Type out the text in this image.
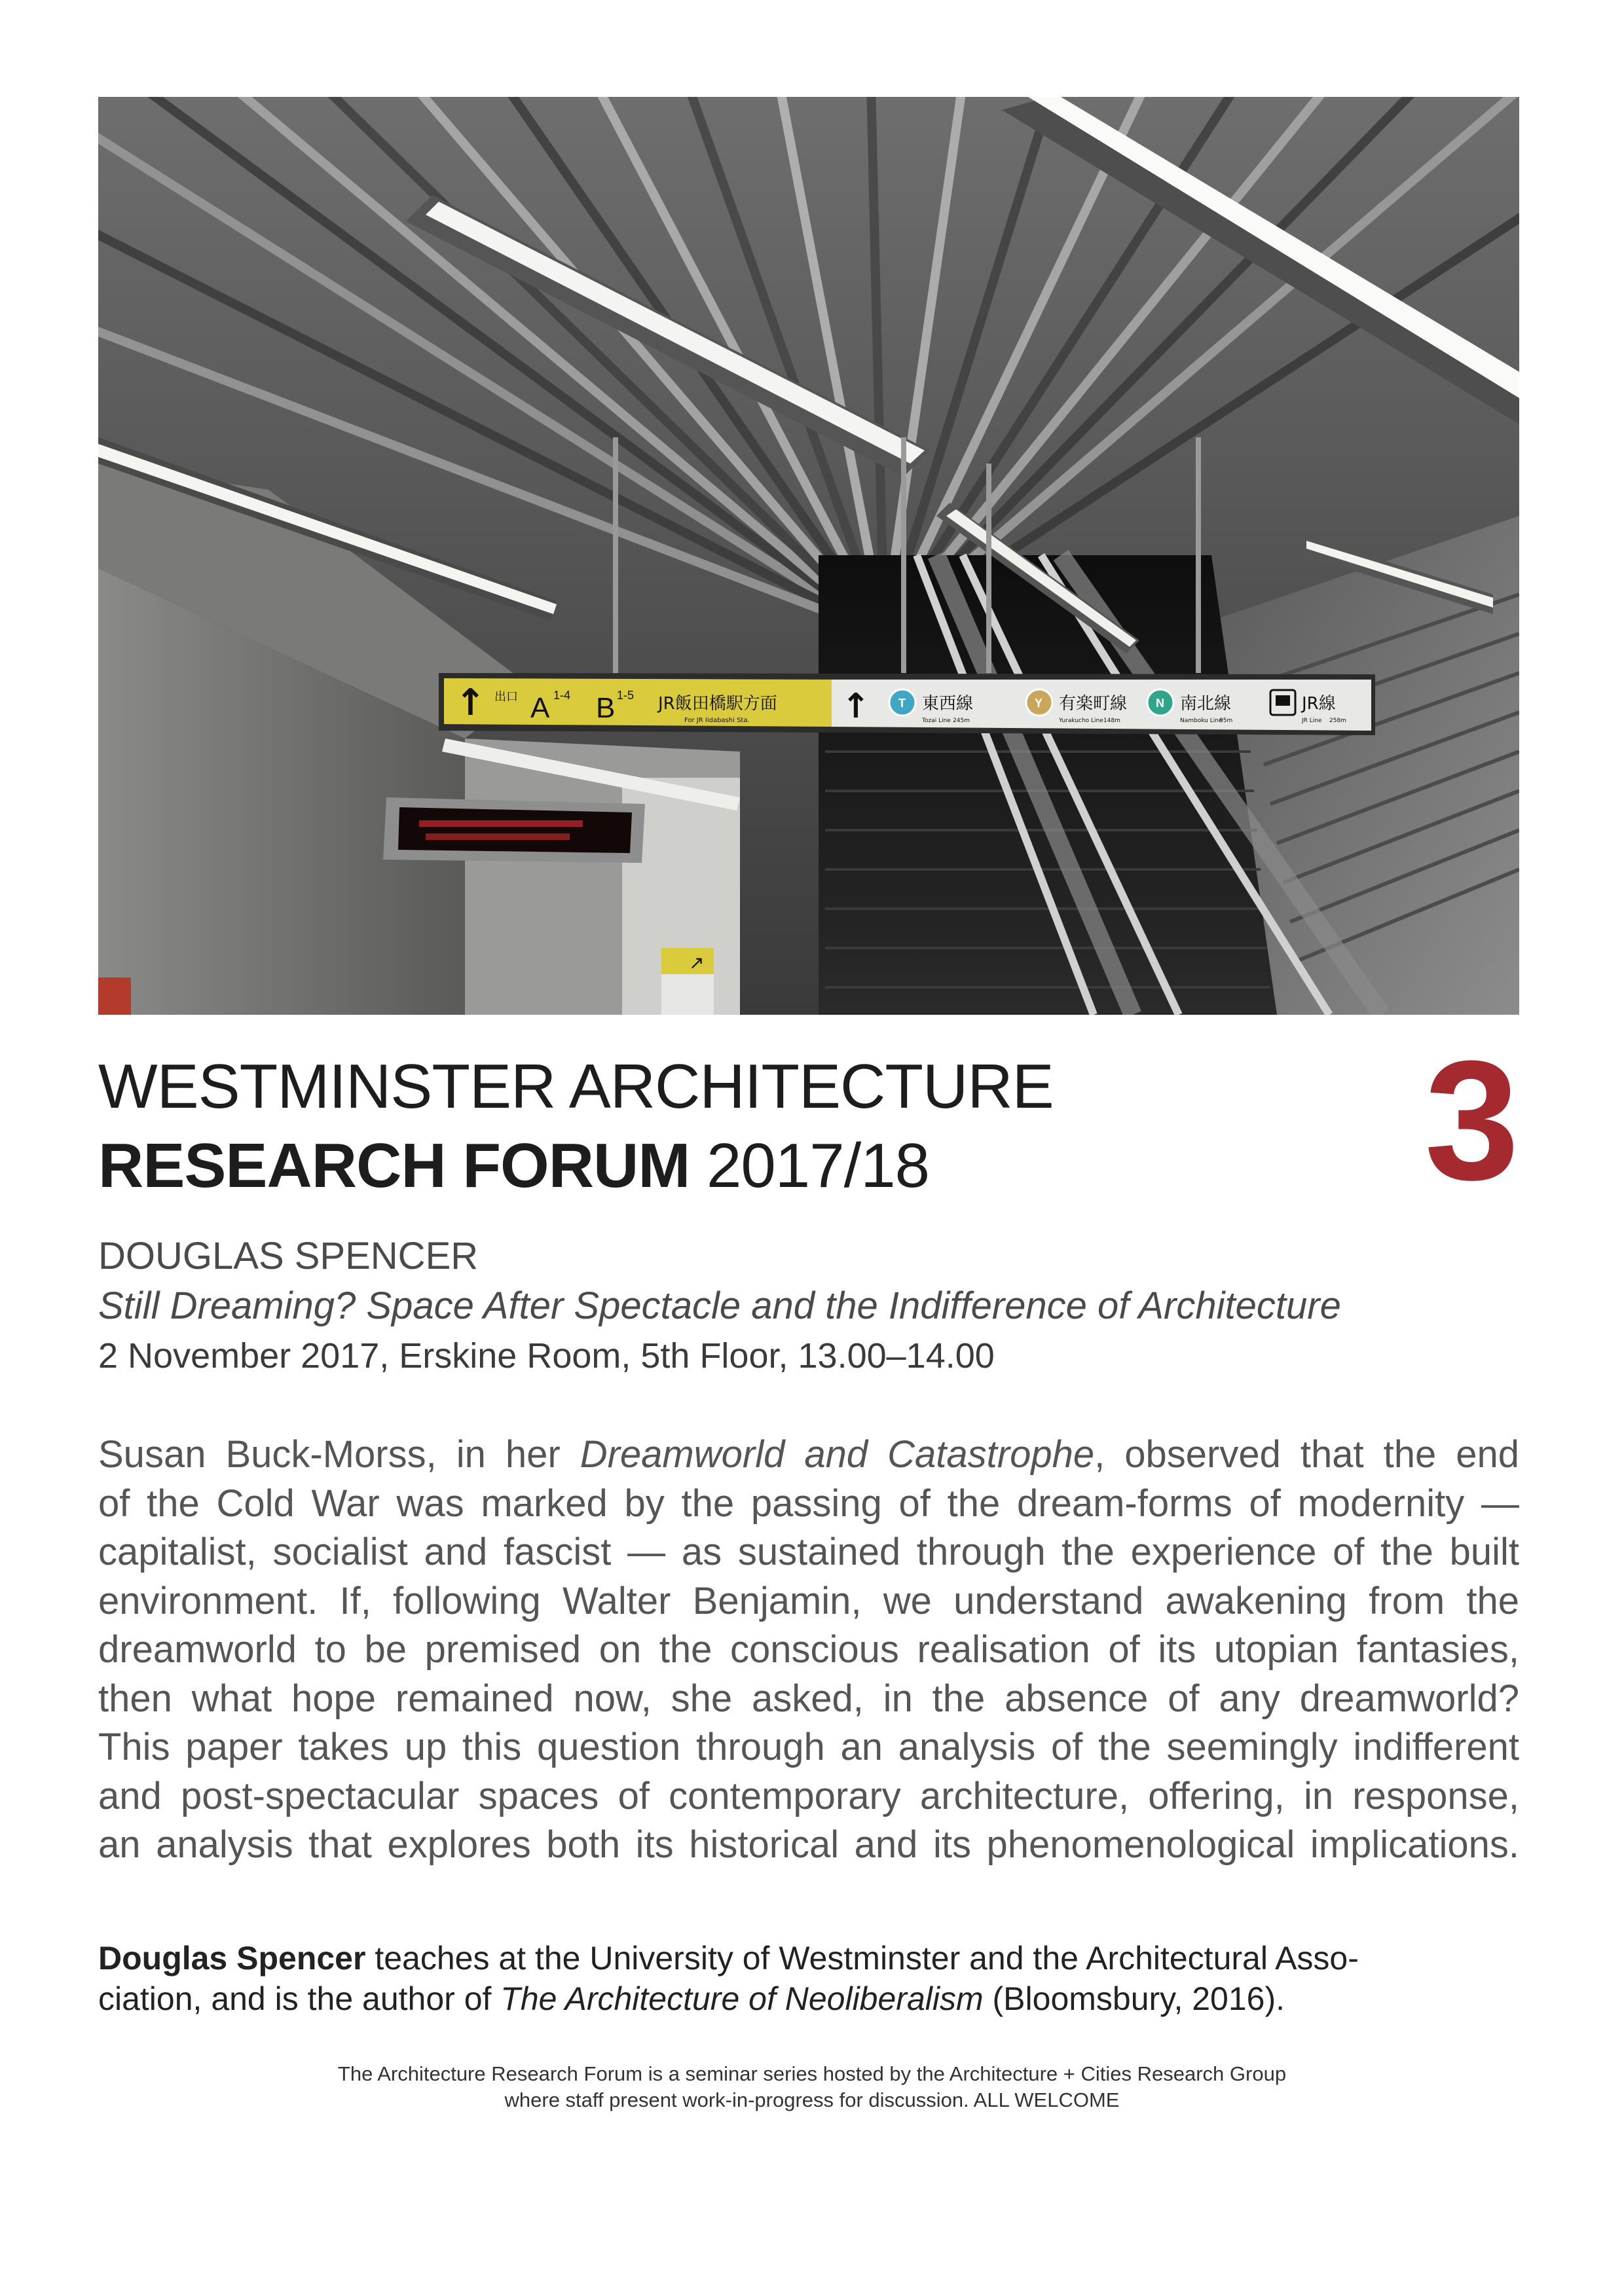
↑ 出口 A 1-4 B 1-5 JR飯田橋駅方面
For JR Iidabashi Sta.	↑ T 東西線
Tozai Line 245m
Y 有楽町線
Yurakucho Line 148m
N 南北線
Namboku Line
95m
JR線
JR Line 258m
↗
WESTMINSTER ARCHITECTURE
RESEARCH FORUM 2017/18	3

DOUGLAS SPENCER

Still Dreaming? Space After Spectacle and the Indifference of Architecture

2 November 2017, Erskine Room, 5th Floor, 13.00–14.00

Susan Buck-Morss, in her Dreamworld and Catastrophe, observed that the end
of the Cold War was marked by the passing of the dream-forms of modernity —
capitalist, socialist and fascist — as sustained through the experience of the built
environment. If, following Walter Benjamin, we understand awakening from the
dreamworld to be premised on the conscious realisation of its utopian fantasies,
then what hope remained now, she asked, in the absence of any dreamworld?
This paper takes up this question through an analysis of the seemingly indifferent
and post-spectacular spaces of contemporary architecture, offering, in response,
an analysis that explores both its historical and its phenomenological implications.
Douglas Spencer teaches at the University of Westminster and the Architectural Asso-
ciation, and is the author of The Architecture of Neoliberalism (Bloomsbury, 2016).
The Architecture Research Forum is a seminar series hosted by the Architecture + Cities Research Group
where staff present work-in-progress for discussion. ALL WELCOME
